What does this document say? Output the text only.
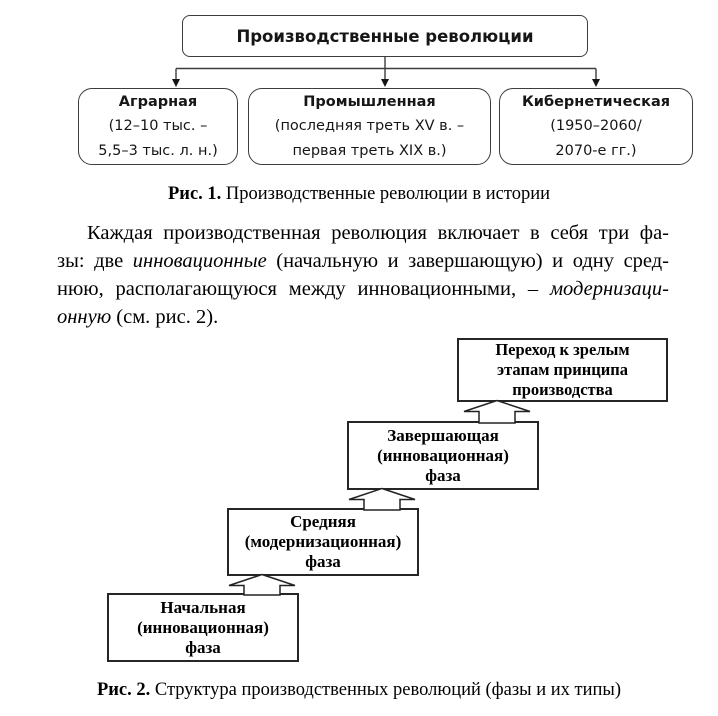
Производственные революции
Аграрная
(12–10 тыс. –
5,5–3 тыс. л. н.)
Промышленная
(последняя треть XV в. –
первая треть XIX в.)
Кибернетическая
(1950–2060/
2070-е гг.)
Рис. 1. Производственные революции в истории
Каждая производственная революция включает в себя три фа-
зы: две инновационные (начальную и завершающую) и одну сред-
нюю, располагающуюся между инновационными, – модернизаци-
онную (см. рис. 2).
Начальная
(инновационная)
фаза
Средняя
(модернизационная)
фаза
Завершающая
(инновационная)
фаза
Переход к зрелым
этапам принципа
производства
Рис. 2. Структура производственных революций (фазы и их типы)
